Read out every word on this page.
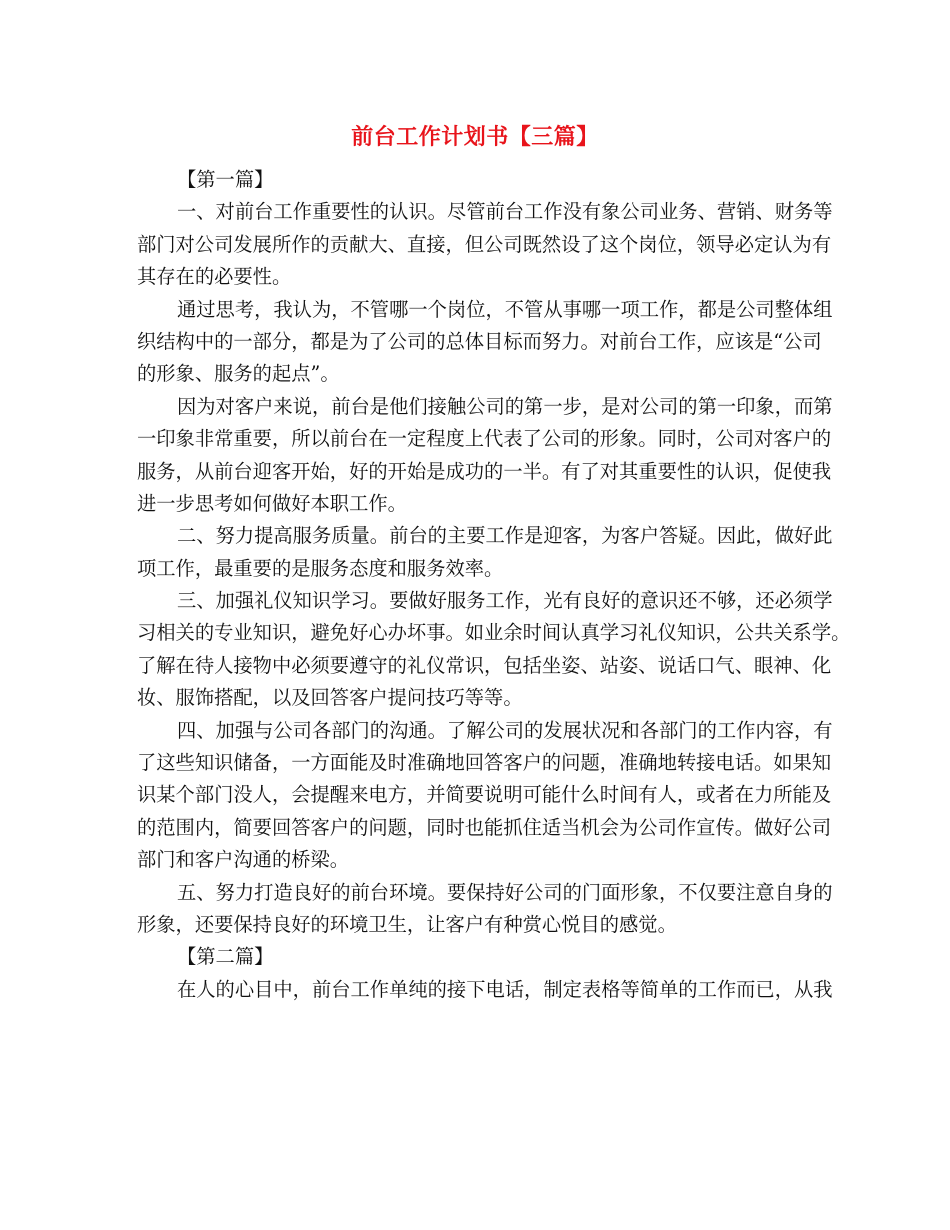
前台工作计划书【三篇】
【第一篇】
一、对前台工作重要性的认识。尽管前台工作没有象公司业务、营销、财务等
部门对公司发展所作的贡献大、直接，但公司既然设了这个岗位，领导必定认为有
其存在的必要性。
通过思考，我认为，不管哪一个岗位，不管从事哪一项工作，都是公司整体组
织结构中的一部分，都是为了公司的总体目标而努力。对前台工作，应该是“公司
的形象、服务的起点”。
因为对客户来说，前台是他们接触公司的第一步，是对公司的第一印象，而第
一印象非常重要，所以前台在一定程度上代表了公司的形象。同时，公司对客户的
服务，从前台迎客开始，好的开始是成功的一半。有了对其重要性的认识，促使我
进一步思考如何做好本职工作。
二、努力提高服务质量。前台的主要工作是迎客，为客户答疑。因此，做好此
项工作，最重要的是服务态度和服务效率。
三、加强礼仪知识学习。要做好服务工作，光有良好的意识还不够，还必须学
习相关的专业知识，避免好心办坏事。如业余时间认真学习礼仪知识，公共关系学。
了解在待人接物中必须要遵守的礼仪常识，包括坐姿、站姿、说话口气、眼神、化
妆、服饰搭配，以及回答客户提问技巧等等。
四、加强与公司各部门的沟通。了解公司的发展状况和各部门的工作内容，有
了这些知识储备，一方面能及时准确地回答客户的问题，准确地转接电话。如果知
识某个部门没人，会提醒来电方，并简要说明可能什么时间有人，或者在力所能及
的范围内，简要回答客户的问题，同时也能抓住适当机会为公司作宣传。做好公司
部门和客户沟通的桥梁。
五、努力打造良好的前台环境。要保持好公司的门面形象，不仅要注意自身的
形象，还要保持良好的环境卫生，让客户有种赏心悦目的感觉。
【第二篇】
在人的心目中，前台工作单纯的接下电话，制定表格等简单的工作而已，从我
